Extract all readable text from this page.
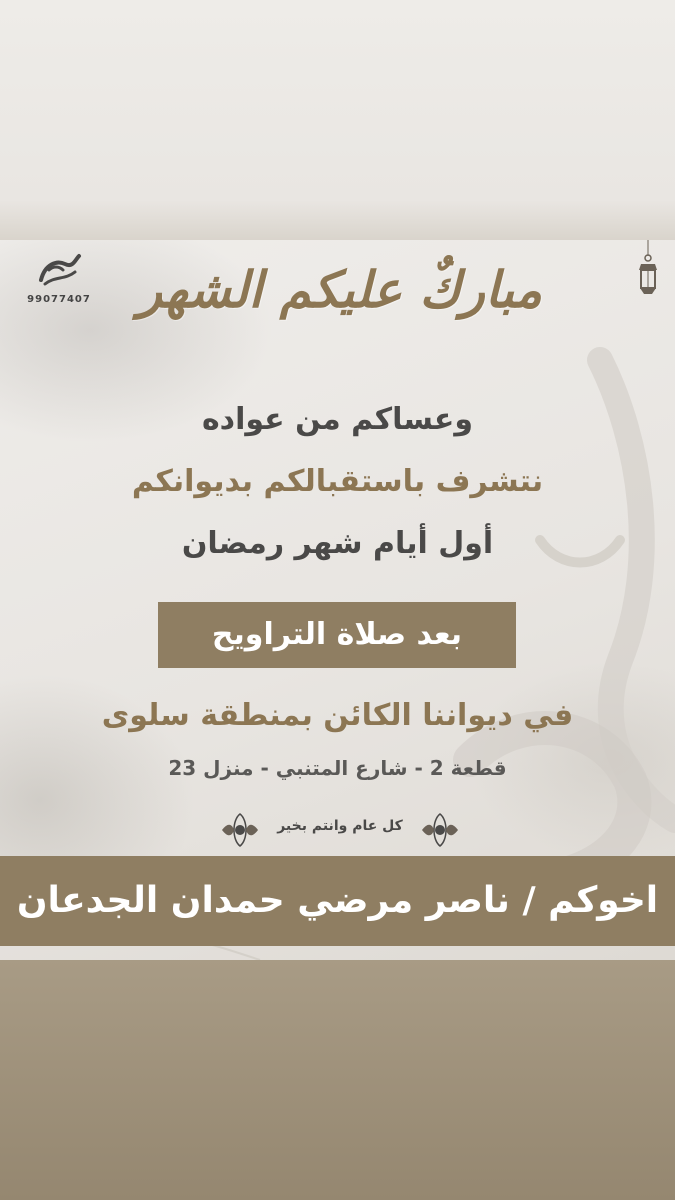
99077407 مباركٌ عليكم الشهر
وعساكم من عواده
نتشرف باستقبالكم بديوانكم
أول أيام شهر رمضان
بعد صلاة التراويح
في ديواننا الكائن بمنطقة سلوى
قطعة 2 - شارع المتنبي - منزل 23
كل عام وانتم بخير
اخوكم / ناصر مرضي حمدان الجدعان
